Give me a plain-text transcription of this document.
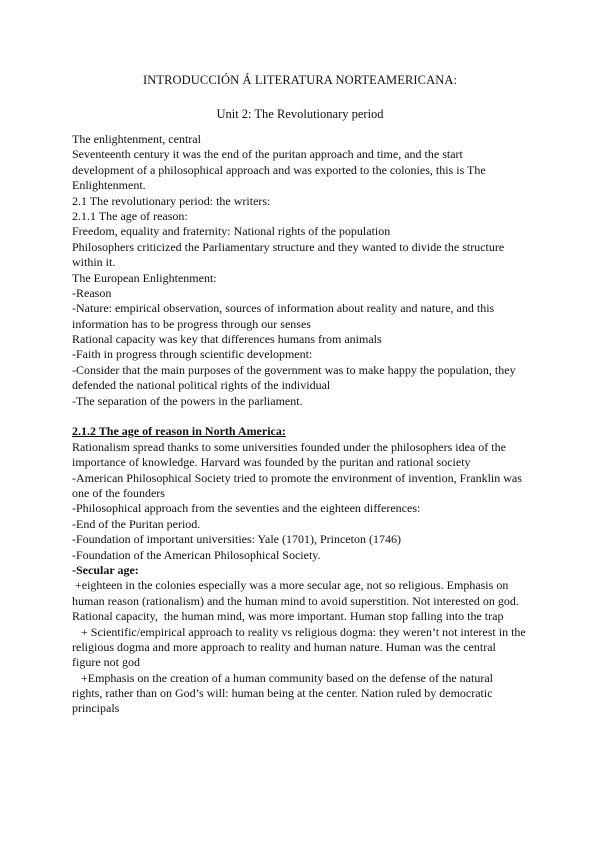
INTRODUCCIÓN Á LITERATURA NORTEAMERICANA:
Unit 2: The Revolutionary period
The enlightenment, central
Seventeenth century it was the end of the puritan approach and time, and the start
development of a philosophical approach and was exported to the colonies, this is The
Enlightenment.
2.1 The revolutionary period: the writers:
2.1.1 The age of reason:
Freedom, equality and fraternity: National rights of the population
Philosophers criticized the Parliamentary structure and they wanted to divide the structure
within it.
The European Enlightenment:
-Reason
-Nature: empirical observation, sources of information about reality and nature, and this
information has to be progress through our senses
Rational capacity was key that differences humans from animals
-Faith in progress through scientific development:
-Consider that the main purposes of the government was to make happy the population, they
defended the national political rights of the individual
-The separation of the powers in the parliament.
2.1.2 The age of reason in North America:
Rationalism spread thanks to some universities founded under the philosophers idea of the
importance of knowledge. Harvard was founded by the puritan and rational society
-American Philosophical Society tried to promote the environment of invention, Franklin was
one of the founders
-Philosophical approach from the seventies and the eighteen differences:
-End of the Puritan period.
-Foundation of important universities: Yale (1701), Princeton (1746)
-Foundation of the American Philosophical Society.
-Secular age:
+eighteen in the colonies especially was a more secular age, not so religious. Emphasis on
human reason (rationalism) and the human mind to avoid superstition. Not interested on god.
Rational capacity,  the human mind, was more important. Human stop falling into the trap
+ Scientific/empirical approach to reality vs religious dogma: they weren’t not interest in the
religious dogma and more approach to reality and human nature. Human was the central
figure not god
+Emphasis on the creation of a human community based on the defense of the natural
rights, rather than on God’s will: human being at the center. Nation ruled by democratic
principals
